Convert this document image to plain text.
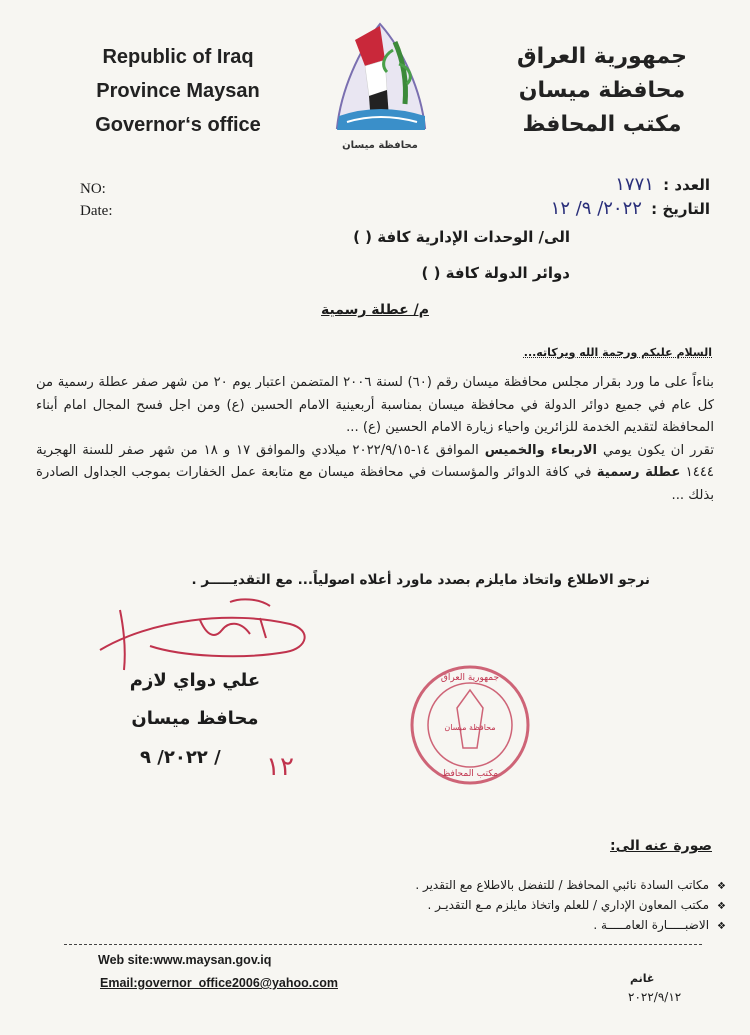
Republic of Iraq
Province Maysan
Governor‘s office
محافظة ميسان
جمهورية العراق
محافظة ميسان
مكتب المحافظ
NO:
Date:
العدد : ١٧٧١
التاريخ : ٢٠٢٢/ ٩/ ١٢
الى/ الوحدات الإدارية كافة ( )
دوائر الدولة كافة ( )
م/ عطلة رسمية
السلام عليكم ورحمة الله وبركاته...

بناءاً على ما ورد بقرار مجلس محافظة ميسان رقم (٦٠) لسنة ٢٠٠٦ المتضمن اعتبار يوم ٢٠ من شهر صفر عطلة رسمية من كل عام في جميع دوائر الدولة في محافظة ميسان بمناسبة أربعينية الامام الحسين (ع) ومن اجل فسح المجال امام أبناء المحافظة لتقديم الخدمة للزائرين واحياء زيارة الامام الحسين (ع) ...

تقرر ان يكون يومي الاربعاء والخميس الموافق ١٤-٢٠٢٢/٩/١٥ ميلادي والموافق ١٧ و ١٨ من شهر صفر للسنة الهجرية ١٤٤٤ عطلة رسمية في كافة الدوائر والمؤسسات في محافظة ميسان مع متابعة عمل الخفارات بموجب الجداول الصادرة بذلك ...

نرجو الاطلاع واتخاذ مايلزم بصدد ماورد أعلاه اصولياً... مع التقديـــــر .
علي دواي لازم
محافظ ميسان
٢٠٢٢/ ٩ / ١٢
جمهورية العراق
محافظة ميسان
مكتب المحافظ
صورة عنه الى:
❖ مكاتب السادة نائبي المحافظ / للتفضل بالاطلاع مع التقدير .
❖ مكتب المعاون الإداري / للعلم واتخاذ مايلزم مـع التقديـر .
❖ الاضبـــــارة العامـــــة .
Web site:www.maysan.gov.iq
Email:governor_office2006@yahoo.com	غانم
٢٠٢٢/٩/١٢
